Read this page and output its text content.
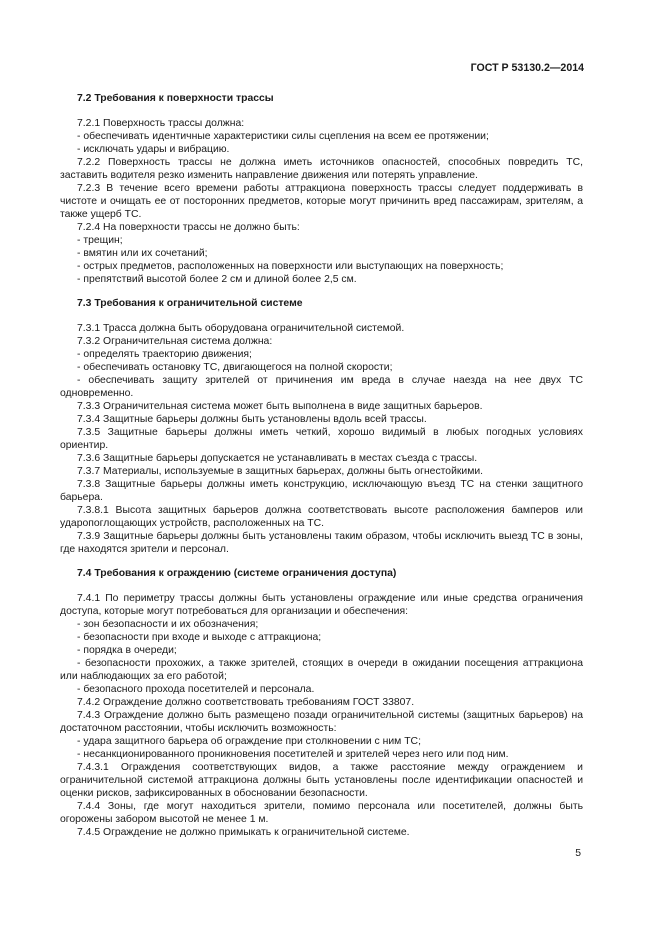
ГОСТ Р 53130.2—2014
7.2 Требования к поверхности трассы

7.2.1 Поверхность трассы должна:

- обеспечивать идентичные характеристики силы сцепления на всем ее протяжении;

- исключать удары и вибрацию.

7.2.2 Поверхность трассы не должна иметь источников опасностей, способных повредить ТС, заставить водителя резко изменить направление движения или потерять управление.

7.2.3 В течение всего времени работы аттракциона поверхность трассы следует поддерживать в чистоте и очищать ее от посторонних предметов, которые могут причинить вред пассажирам, зрителям, а также ущерб ТС.

7.2.4 На поверхности трассы не должно быть:

- трещин;

- вмятин или их сочетаний;

- острых предметов, расположенных на поверхности или выступающих на поверхность;

- препятствий высотой более 2 см и длиной более 2,5 см.

7.3 Требования к ограничительной системе

7.3.1 Трасса должна быть оборудована ограничительной системой.

7.3.2 Ограничительная система должна:

- определять траекторию движения;

- обеспечивать остановку ТС, двигающегося на полной скорости;

- обеспечивать защиту зрителей от причинения им вреда в случае наезда на нее двух ТС одновременно.

7.3.3 Ограничительная система может быть выполнена в виде защитных барьеров.

7.3.4 Защитные барьеры должны быть установлены вдоль всей трассы.

7.3.5 Защитные барьеры должны иметь четкий, хорошо видимый в любых погодных условиях ориентир.

7.3.6 Защитные барьеры допускается не устанавливать в местах съезда с трассы.

7.3.7 Материалы, используемые в защитных барьерах, должны быть огнестойкими.

7.3.8 Защитные барьеры должны иметь конструкцию, исключающую въезд ТС на стенки защитного барьера.

7.3.8.1 Высота защитных барьеров должна соответствовать высоте расположения бамперов или удaропоглощающих устройств, расположенных на ТС.

7.3.9 Защитные барьеры должны быть установлены таким образом, чтобы исключить выезд ТС в зоны, где находятся зрители и персонал.

7.4 Требования к ограждению (системе ограничения доступа)

7.4.1 По периметру трассы должны быть установлены ограждение или иные средства ограничения доступа, которые могут потребоваться для организации и обеспечения:

- зон безопасности и их обозначения;

- безопасности при входе и выходе с аттракциона;

- порядка в очереди;

- безопасности прохожих, а также зрителей, стоящих в очереди в ожидании посещения аттракциона или наблюдающих за его работой;

- безопасного прохода посетителей и персонала.

7.4.2 Ограждение должно соответствовать требованиям ГОСТ 33807.

7.4.3 Ограждение должно быть размещено позади ограничительной системы (защитных барьеров) на достаточном расстоянии, чтобы исключить возможность:

- удара защитного барьера об ограждение при столкновении с ним ТС;

- несанкционированного проникновения посетителей и зрителей через него или под ним.

7.4.3.1 Ограждения соответствующих видов, а также расстояние между ограждением и ограничительной системой аттракциона должны быть установлены после идентификации опасностей и оценки рисков, зафиксированных в обосновании безопасности.

7.4.4 Зоны, где могут находиться зрители, помимо персонала или посетителей, должны быть огорожены забором высотой не менее 1 м.

7.4.5 Ограждение не должно примыкать к ограничительной системе.

5
